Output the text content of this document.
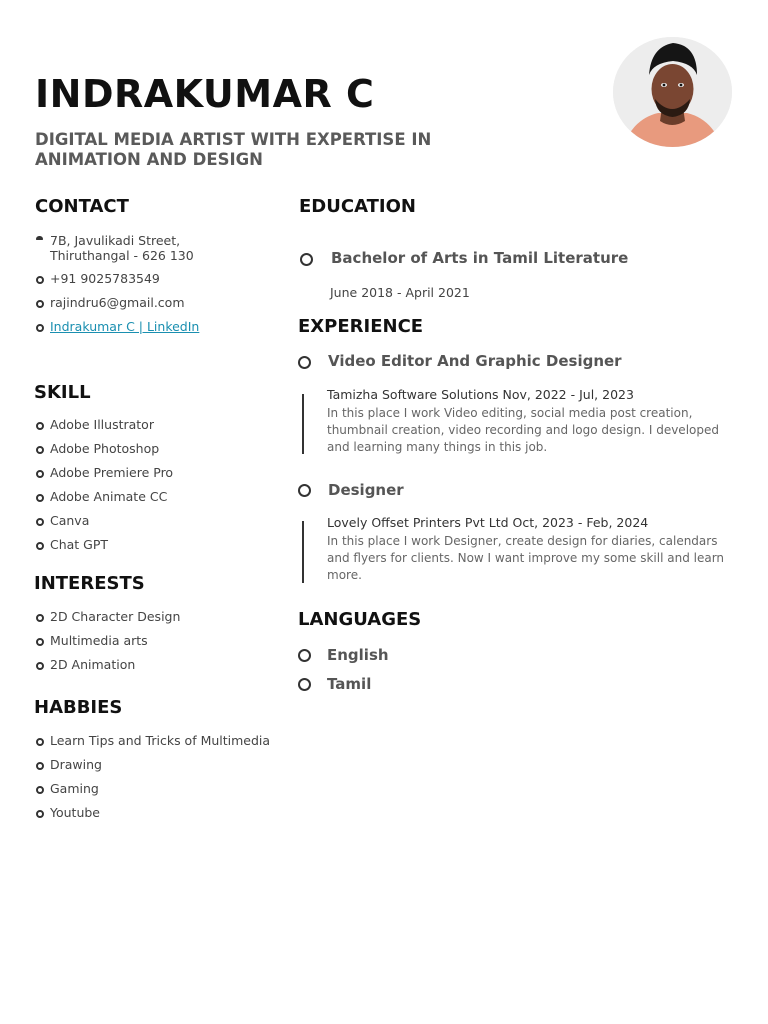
INDRAKUMAR C
DIGITAL MEDIA ARTIST WITH EXPERTISE IN ANIMATION AND DESIGN
CONTACT
7B, Javulikadi Street,
Thiruthangal - 626 130
+91 9025783549
rajindru6@gmail.com
Indrakumar C | LinkedIn
SKILL
Adobe Illustrator
Adobe Photoshop
Adobe Premiere Pro
Adobe Animate CC
Canva
Chat GPT
INTERESTS
2D Character Design
Multimedia arts
2D Animation
HABBIES
Learn Tips and Tricks of Multimedia
Drawing
Gaming
Youtube
EDUCATION
Bachelor of Arts in Tamil Literature
June 2018 - April 2021
EXPERIENCE
Video Editor And Graphic Designer
Tamizha Software Solutions Nov, 2022 - Jul, 2023
In this place I work Video editing, social media post creation, thumbnail creation, video recording and logo design. I developed and learning many things in this job.
Designer
Lovely Offset Printers Pvt Ltd Oct, 2023 - Feb, 2024
In this place I work Designer, create design for diaries, calendars and flyers for clients. Now I want improve my some skill and learn more.
LANGUAGES
English
Tamil
